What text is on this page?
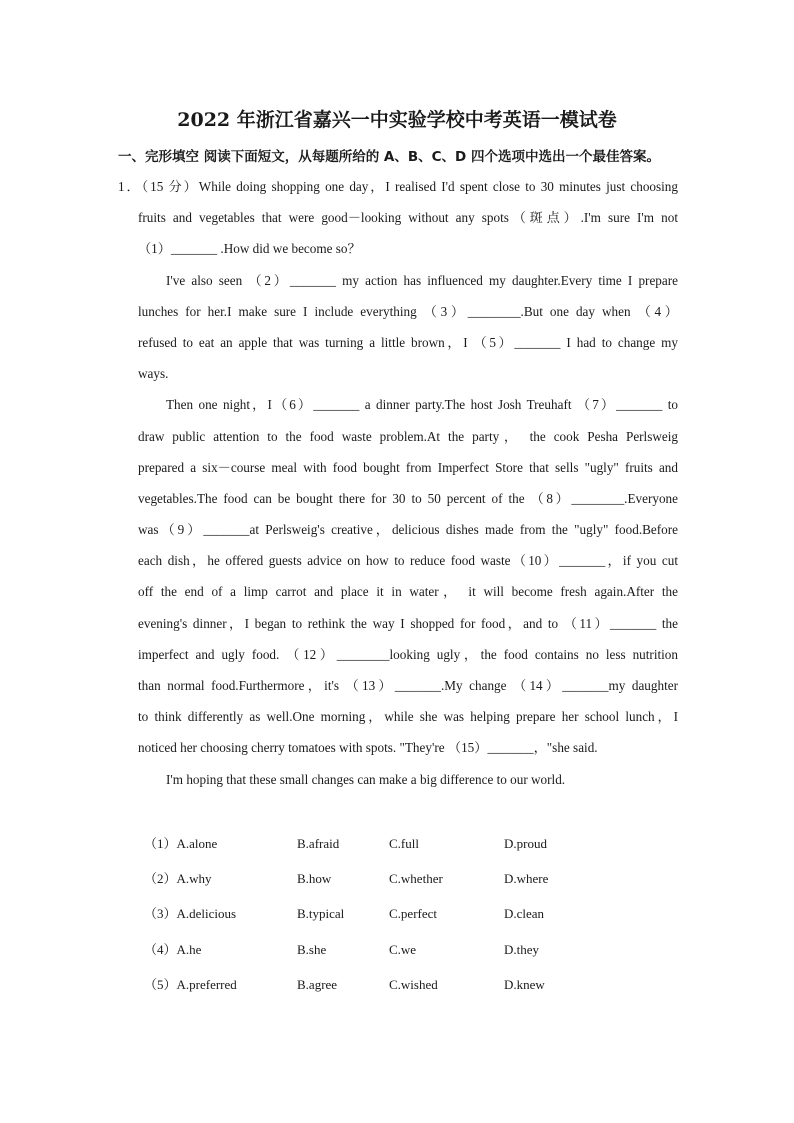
2022 年浙江省嘉兴一中实验学校中考英语一模试卷
一、完形填空 阅读下面短文，从每题所给的 A、B、C、D 四个选项中选出一个最佳答案。
1．（15 分）While doing shopping one day，I realised I'd spent close to 30 minutes just choosing
fruits and vegetables that were good－looking without any spots（斑点）.I'm sure I'm not
（1）_______ .How did we become so？
I've also seen （2）_______ my action has influenced my daughter.Every time I prepare
lunches for her.I make sure I include everything （3）________.But one day when （4）
refused to eat an apple that was turning a little brown，I （5）_______ I had to change my
ways.
Then one night，I（6）_______ a dinner party.The host Josh Treuhaft （7）_______ to
draw public attention to the food waste problem.At the party， the cook Pesha Perlsweig
prepared a six－course meal with food bought from Imperfect Store that sells "ugly" fruits and
vegetables.The food can be bought there for 30 to 50 percent of the （8）________.Everyone
was（9）_______at Perlsweig's creative，delicious dishes made from the "ugly" food.Before
each dish，he offered guests advice on how to reduce food waste（10）_______，if you cut
off the end of a limp carrot and place it in water， it will become fresh again.After the
evening's dinner，I began to rethink the way I shopped for food，and to （11）_______ the
imperfect and ugly food. （12）________looking ugly，the food contains no less nutrition
than normal food.Furthermore，it's （13）_______.My change （14）_______my daughter
to think differently as well.One morning，while she was helping prepare her school lunch，I
noticed her choosing cherry tomatoes with spots. "They're （15）_______，"she said.
I'm hoping that these small changes can make a big difference to our world.
（1）A.alone	B.afraid	C.full	D.proud
（2）A.why	B.how	C.whether	D.where
（3）A.delicious	B.typical	C.perfect	D.clean
（4）A.he	B.she	C.we	D.they
（5）A.preferred	B.agree	C.wished	D.knew
